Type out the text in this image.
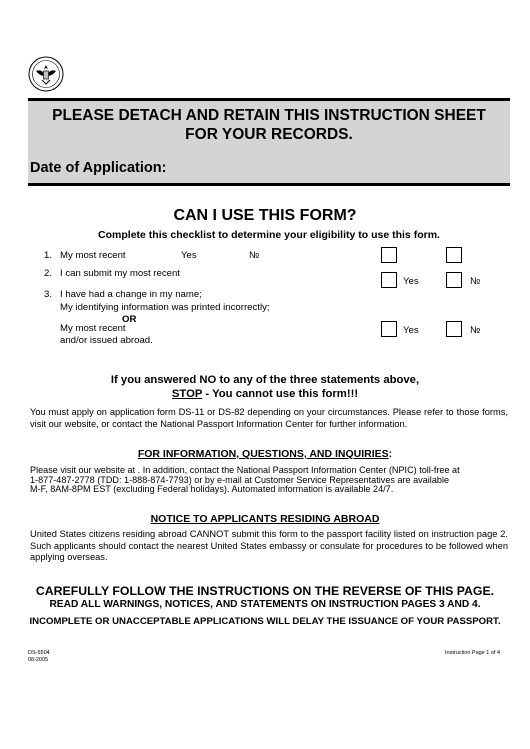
PLEASE DETACH AND RETAIN THIS INSTRUCTION SHEET
FOR YOUR RECORDS.
Date of Application:
CAN I USE THIS FORM?
Complete this checklist to determine your eligibility to use this form.
1. My most recent	Yes	№
2. I can submit my most recent
Yes	№
3. I have had a change in my name;
My identifying information was printed incorrectly;
OR
My most recent
and/or issued abroad.
Yes	№
If you answered NO to any of the three statements above,
STOP - You cannot use this form!!!
You must apply on application form DS-11 or DS-82 depending on your circumstances. Please refer to those forms, visit our website, or contact the National Passport Information Center for further information.
FOR INFORMATION, QUESTIONS, AND INQUIRIES:
Please visit our website at . In addition, contact the National Passport Information Center (NPIC) toll-free at
1-877-487-2778 (TDD: 1-888-874-7793) or by e-mail at Customer Service Representatives are available
M-F, 8AM-8PM EST (excluding Federal holidays). Automated information is available 24/7.
NOTICE TO APPLICANTS RESIDING ABROAD
United States citizens residing abroad CANNOT submit this form to the passport facility listed on instruction page 2. Such applicants should contact the nearest United States embassy or consulate for procedures to be followed when applying overseas.
CAREFULLY FOLLOW THE INSTRUCTIONS ON THE REVERSE OF THIS PAGE.
READ ALL WARNINGS, NOTICES, AND STATEMENTS ON INSTRUCTION PAGES 3 AND 4.
INCOMPLETE OR UNACCEPTABLE APPLICATIONS WILL DELAY THE ISSUANCE OF YOUR PASSPORT.
DS-5504
08-2005
Instruction Page 1 of 4
